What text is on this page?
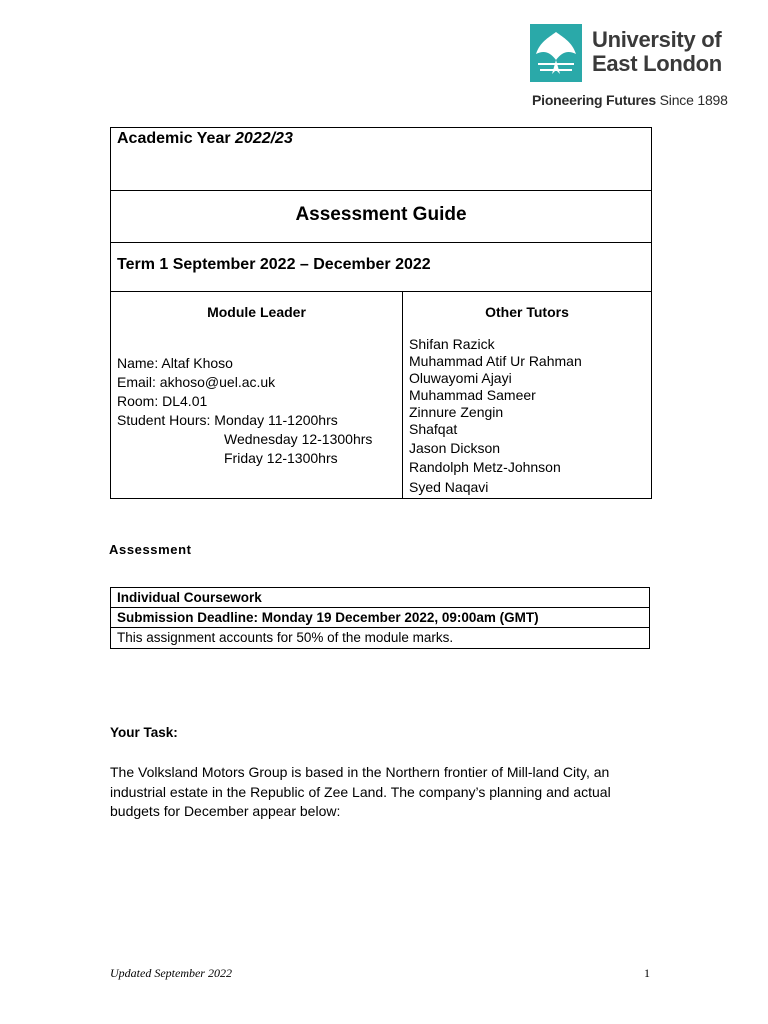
University of
East London
Pioneering Futures Since 1898
Academic Year 2022/23
Assessment Guide
Term 1 September 2022 – December 2022
Module Leader
Name: Altaf Khoso
Email: akhoso@uel.ac.uk
Room: DL4.01
Student Hours: Monday 11-1200hrs
Wednesday 12-1300hrs
Friday 12-1300hrs
Other Tutors
Shifan Razick
Muhammad Atif Ur Rahman
Oluwayomi Ajayi
Muhammad Sameer
Zinnure Zengin
Shafqat
Jason Dickson
Randolph Metz-Johnson
Syed Naqavi
Assessment
Individual Coursework
Submission Deadline: Monday 19 December 2022, 09:00am (GMT)
This assignment accounts for 50% of the module marks.
Your Task:
The Volksland Motors Group is based in the Northern frontier of Mill-land City, an industrial estate in the Republic of Zee Land. The company’s planning and actual budgets for December appear below:
Updated September 2022	1
